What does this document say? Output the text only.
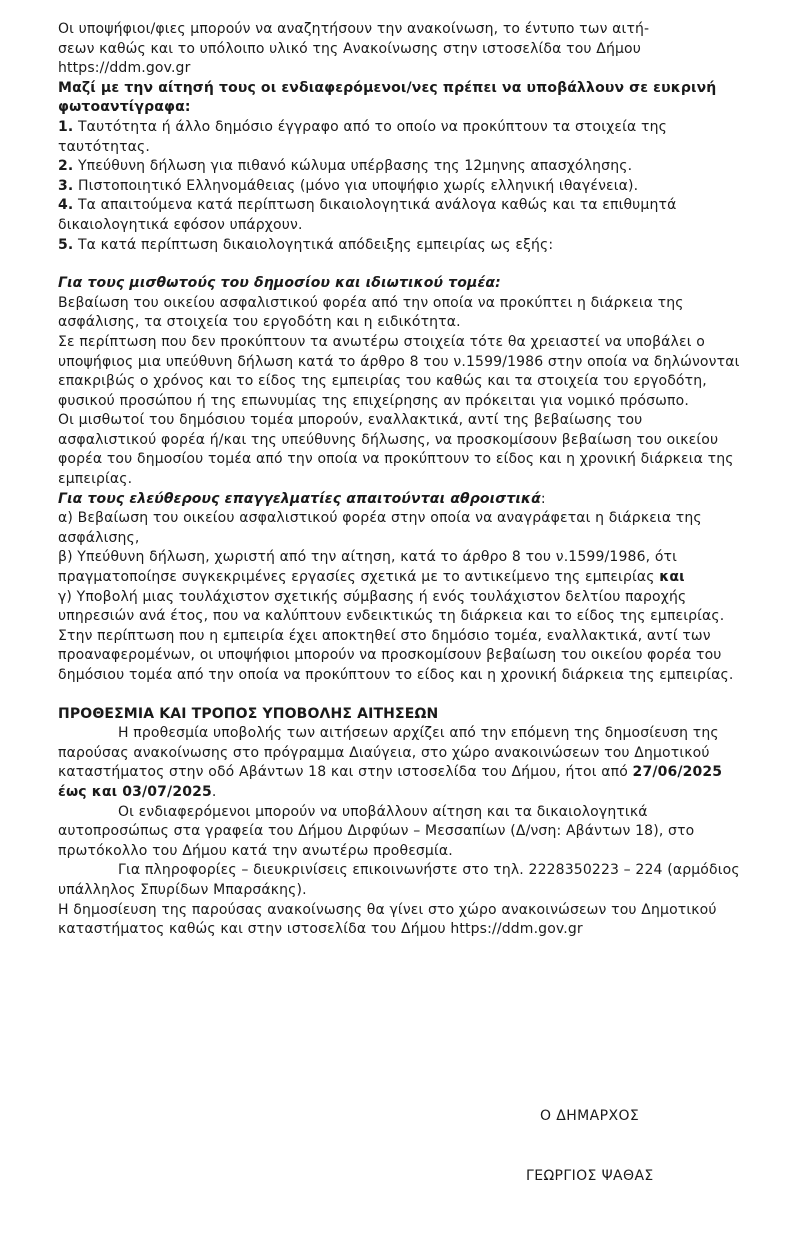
Οι υποψήφιοι/φιες μπορούν να αναζητήσουν την ανακοίνωση, το έντυπο των αιτή-

σεων καθώς και το υπόλοιπο υλικό της Ανακοίνωσης στην ιστοσελίδα του Δήμου

https://ddm.gov.gr

Μαζί με την αίτησή τους οι ενδιαφερόμενοι/νες πρέπει να υποβάλλουν σε ευκρινή φωτοαντίγραφα:

1. Ταυτότητα ή άλλο δημόσιο έγγραφο από το οποίο να προκύπτουν τα στοιχεία της ταυτότητας.

2. Υπεύθυνη δήλωση για πιθανό κώλυμα υπέρβασης της 12μηνης απασχόλησης.

3. Πιστοποιητικό Ελληνομάθειας (μόνο για υποψήφιο χωρίς ελληνική ιθαγένεια).

4. Τα απαιτούμενα κατά περίπτωση δικαιολογητικά ανάλογα καθώς και τα επιθυμητά δικαιολογητικά εφόσον υπάρχουν.

5. Τα κατά περίπτωση δικαιολογητικά απόδειξης εμπειρίας ως εξής:

Για τους μισθωτούς του δημοσίου και ιδιωτικού τομέα:

Βεβαίωση του οικείου ασφαλιστικού φορέα από την οποία να προκύπτει η διάρκεια της ασφάλισης, τα στοιχεία του εργοδότη και η ειδικότητα.

Σε περίπτωση που δεν προκύπτουν τα ανωτέρω στοιχεία τότε θα χρειαστεί να υποβάλει ο υποψήφιος μια υπεύθυνη δήλωση κατά το άρθρο 8 του ν.1599/1986 στην οποία να δηλώνονται επακριβώς ο χρόνος και το είδος της εμπειρίας του καθώς και τα στοιχεία του εργοδότη, φυσικού προσώπου ή της επωνυμίας της επιχείρησης αν πρόκειται για νομικό πρόσωπο.

Οι μισθωτοί του δημόσιου τομέα μπορούν, εναλλακτικά, αντί της βεβαίωσης του ασφαλιστικού φορέα ή/και της υπεύθυνης δήλωσης, να προσκομίσουν βεβαίωση του οικείου φορέα του δημοσίου τομέα από την οποία να προκύπτουν το είδος και η χρονική διάρκεια της εμπειρίας.

Για τους ελεύθερους επαγγελματίες απαιτούνται αθροιστικά:

α) Βεβαίωση του οικείου ασφαλιστικού φορέα στην οποία να αναγράφεται η διάρκεια της ασφάλισης,

β) Υπεύθυνη δήλωση, χωριστή από την αίτηση, κατά το άρθρο 8 του ν.1599/1986, ότι πραγματοποίησε συγκεκριμένες εργασίες σχετικά με το αντικείμενο της εμπειρίας και

γ) Υποβολή μιας τουλάχιστον σχετικής σύμβασης ή ενός τουλάχιστον δελτίου παροχής υπηρεσιών ανά έτος, που να καλύπτουν ενδεικτικώς τη διάρκεια και το είδος της εμπειρίας.

Στην περίπτωση που η εμπειρία έχει αποκτηθεί στο δημόσιο τομέα, εναλλακτικά, αντί των προαναφερομένων, οι υποψήφιοι μπορούν να προσκομίσουν βεβαίωση του οικείου φορέα του δημόσιου τομέα από την οποία να προκύπτουν το είδος και η χρονική διάρκεια της εμπειρίας.

ΠΡΟΘΕΣΜΙΑ ΚΑΙ ΤΡΟΠΟΣ ΥΠΟΒΟΛΗΣ ΑΙΤΗΣΕΩΝ

Η προθεσμία υποβολής των αιτήσεων αρχίζει από την επόμενη της δημοσίευση της παρούσας ανακοίνωσης στο πρόγραμμα Διαύγεια, στο χώρο ανακοινώσεων του Δημοτικού καταστήματος στην οδό Αβάντων 18 και στην ιστοσελίδα του Δήμου, ήτοι από 27/06/2025 έως και 03/07/2025.

Οι ενδιαφερόμενοι μπορούν να υποβάλλουν αίτηση και τα δικαιολογητικά αυτοπροσώπως στα γραφεία του Δήμου Διρφύων – Μεσσαπίων (Δ/νση: Αβάντων 18), στο πρωτόκολλο του Δήμου κατά την ανωτέρω προθεσμία.

Για πληροφορίες – διευκρινίσεις επικοινωνήστε στο τηλ. 2228350223 – 224 (αρμόδιος υπάλληλος Σπυρίδων Μπαρσάκης).

Η δημοσίευση της παρούσας ανακοίνωσης θα γίνει στο χώρο ανακοινώσεων του Δημοτικού καταστήματος καθώς και στην ιστοσελίδα του Δήμου https://ddm.gov.gr

Ο ΔΗΜΑΡΧΟΣ
ΓΕΩΡΓΙΟΣ ΨΑΘΑΣ
